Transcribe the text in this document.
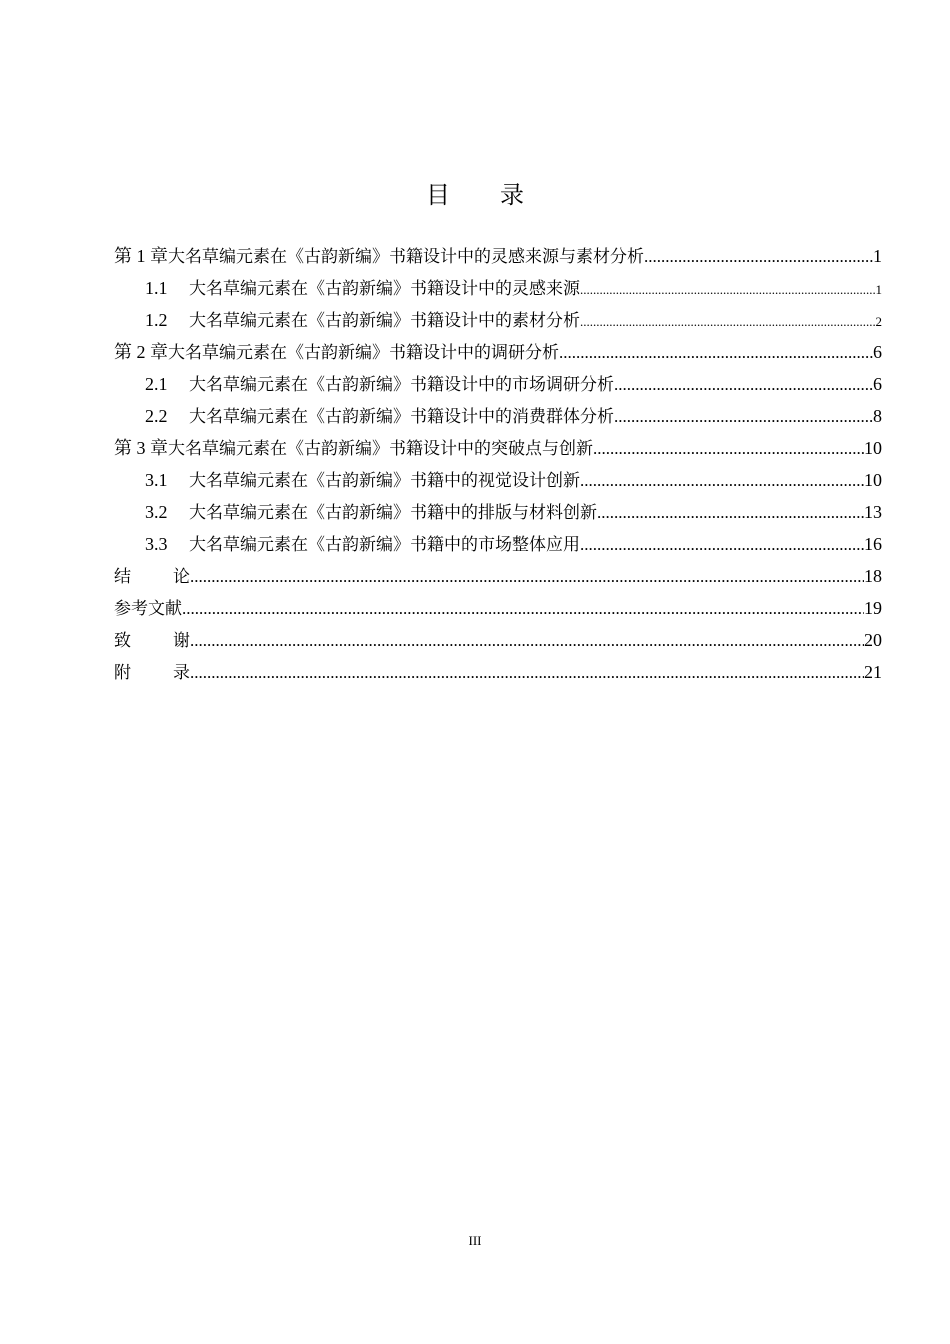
目 录
第 1 章大名草编元素在《古韵新编》书籍设计中的灵感来源与素材分析 .....	1
1.1 大名草编元素在《古韵新编》书籍设计中的灵感来源 .....	1
1.2 大名草编元素在《古韵新编》书籍设计中的素材分析 .....	2
第 2 章大名草编元素在《古韵新编》书籍设计中的调研分析 .....	6
2.1 大名草编元素在《古韵新编》书籍设计中的市场调研分析 .....	6
2.2 大名草编元素在《古韵新编》书籍设计中的消费群体分析 .....	8
第 3 章大名草编元素在《古韵新编》书籍设计中的突破点与创新 .....	10
3.1 大名草编元素在《古韵新编》书籍中的视觉设计创新 .....	10
3.2 大名草编元素在《古韵新编》书籍中的排版与材料创新 .....	13
3.3 大名草编元素在《古韵新编》书籍中的市场整体应用 .....	16
结 论 .....	18
参考文献 .....	19
致 谢 .....	20
附 录 .....	21
III
